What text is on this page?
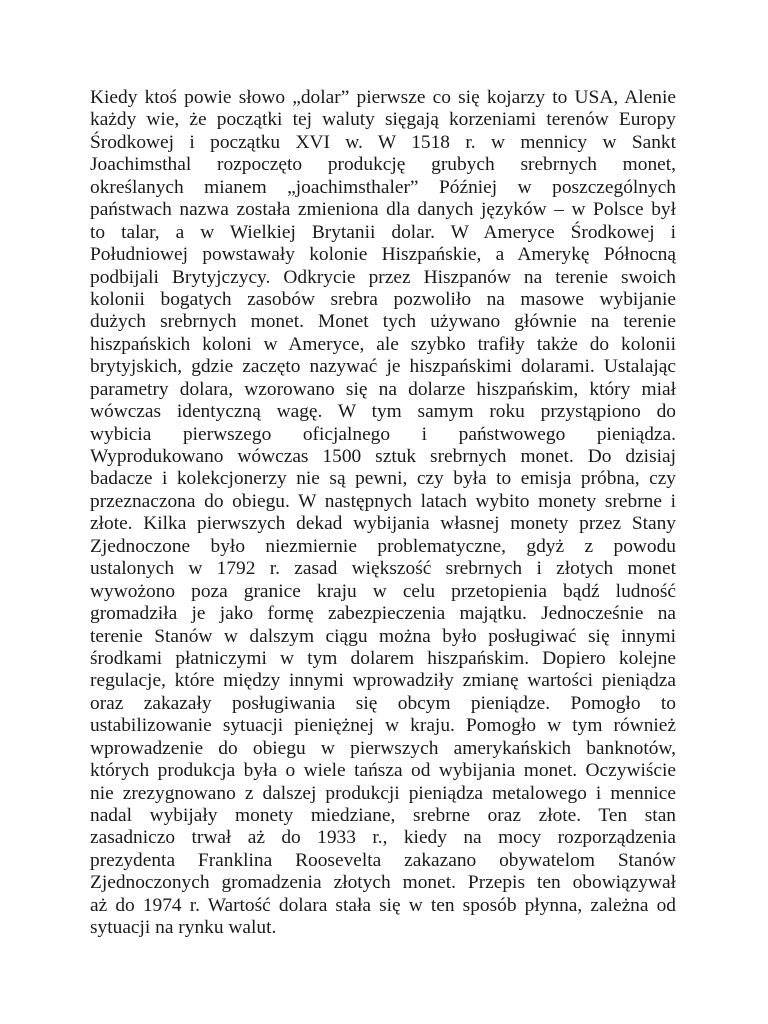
Kiedy ktoś powie słowo „dolar” pierwsze co się kojarzy to USA, Alenie
każdy wie, że początki tej waluty sięgają korzeniami terenów Europy
Środkowej i początku XVI w. W 1518 r. w mennicy w Sankt
Joachimsthal rozpoczęto produkcję grubych srebrnych monet,
określanych mianem „joachimsthaler” Później w poszczególnych
państwach nazwa została zmieniona dla danych języków – w Polsce był
to talar, a w Wielkiej Brytanii dolar. W Ameryce Środkowej i
Południowej powstawały kolonie Hiszpańskie, a Amerykę Północną
podbijali Brytyjczycy. Odkrycie przez Hiszpanów na terenie swoich
kolonii bogatych zasobów srebra pozwoliło na masowe wybijanie
dużych srebrnych monet. Monet tych używano głównie na terenie
hiszpańskich koloni w Ameryce, ale szybko trafiły także do kolonii
brytyjskich, gdzie zaczęto nazywać je hiszpańskimi dolarami. Ustalając
parametry dolara, wzorowano się na dolarze hiszpańskim, który miał
wówczas identyczną wagę. W tym samym roku przystąpiono do
wybicia pierwszego oficjalnego i państwowego pieniądza.
Wyprodukowano wówczas 1500 sztuk srebrnych monet. Do dzisiaj
badacze i kolekcjonerzy nie są pewni, czy była to emisja próbna, czy
przeznaczona do obiegu. W następnych latach wybito monety srebrne i
złote. Kilka pierwszych dekad wybijania własnej monety przez Stany
Zjednoczone było niezmiernie problematyczne, gdyż z powodu
ustalonych w 1792 r. zasad większość srebrnych i złotych monet
wywożono poza granice kraju w celu przetopienia bądź ludność
gromadziła je jako formę zabezpieczenia majątku. Jednocześnie na
terenie Stanów w dalszym ciągu można było posługiwać się innymi
środkami płatniczymi w tym dolarem hiszpańskim. Dopiero kolejne
regulacje, które między innymi wprowadziły zmianę wartości pieniądza
oraz zakazały posługiwania się obcym pieniądze. Pomogło to
ustabilizowanie sytuacji pieniężnej w kraju. Pomogło w tym również
wprowadzenie do obiegu w pierwszych amerykańskich banknotów,
których produkcja była o wiele tańsza od wybijania monet. Oczywiście
nie zrezygnowano z dalszej produkcji pieniądza metalowego i mennice
nadal wybijały monety miedziane, srebrne oraz złote. Ten stan
zasadniczo trwał aż do 1933 r., kiedy na mocy rozporządzenia
prezydenta Franklina Roosevelta zakazano obywatelom Stanów
Zjednoczonych gromadzenia złotych monet. Przepis ten obowiązywał
aż do 1974 r. Wartość dolara stała się w ten sposób płynna, zależna od
sytuacji na rynku walut.
